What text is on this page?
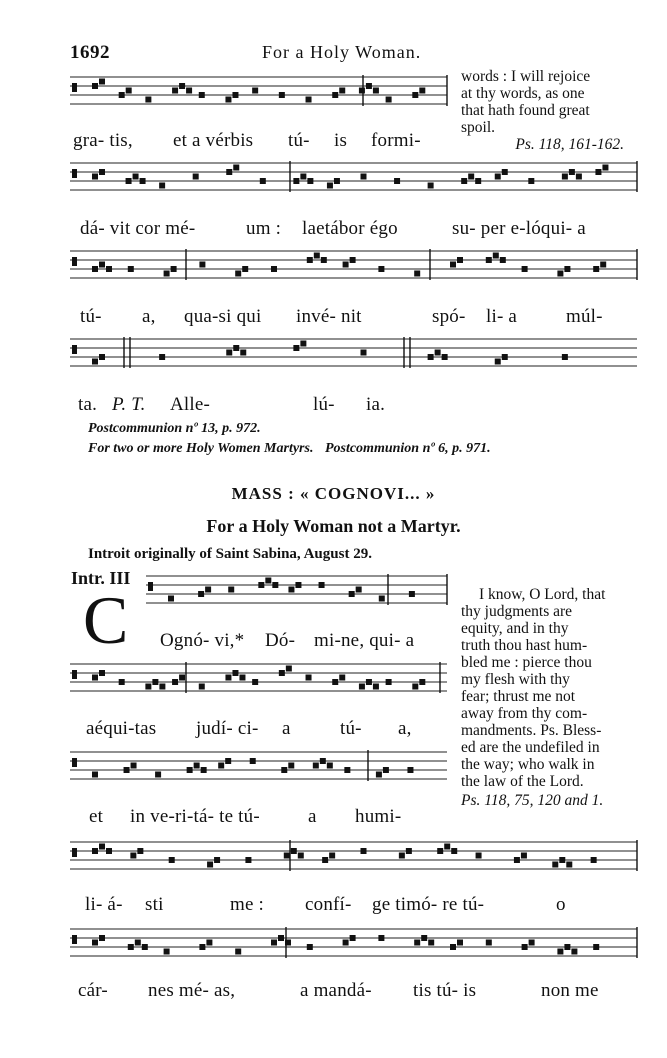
1692	For a Holy Woman.
words : I will rejoice
at thy words, as one
that hath found great
spoil.
Ps. 118, 161-162.
gra- tis, et a vérbis tú- is formi-
dá- vit cor mé-	um : laetábor égo	su- per e-lóqui- a
tú- a, qua-si qui invé- nit	spó- li- a	múl-
ta. P. T. Alle-	lú- ia.
Postcommunion nº 13, p. 972.
For two or more Holy Women Martyrs. Postcommunion nº 6, p. 971.
MASS : « COGNOVI... »
For a Holy Woman not a Martyr.
Introit originally of Saint Sabina, August 29.
Intr. III
C	I know, O Lord, that
thy judgments are
equity, and in thy
truth thou hast hum-
bled me : pierce thou
my flesh with thy
fear; thrust me not
away from thy com-
mandments. Ps. Bless-
ed are the undefiled in
the way; who walk in
the law of the Lord.
Ps. 118, 75, 120 and 1.
Ognó- vi,* Dó- mi-ne, qui- a
aéqui-tas judí- ci- a	tú- a,
et in ve-ri-tá- te tú-	a humi-
li- á- sti	me : confí- ge timó- re tú-	o
cár- nes mé- as,	a mandá- tis tú- is	non me
